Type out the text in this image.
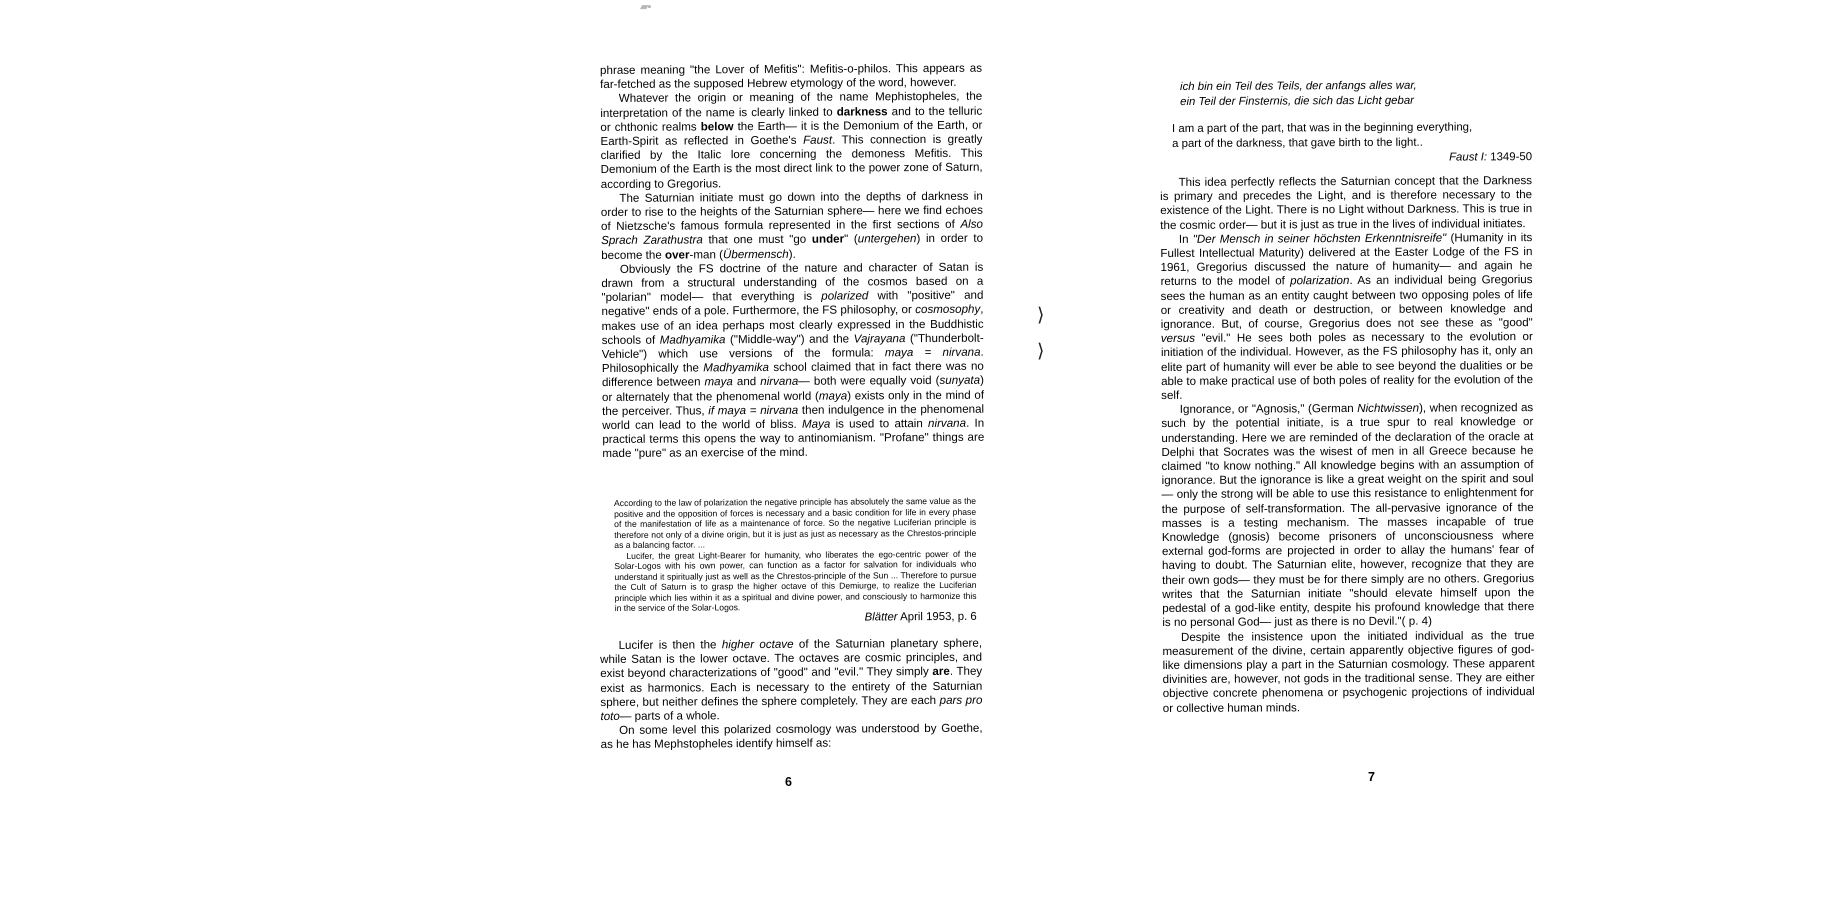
▰▪

phrase meaning "the Lover of Mefitis": Mefitis-o-philos. This appears as far-fetched as the supposed Hebrew etymology of the word, however.

Whatever the origin or meaning of the name Mephistopheles, the interpretation of the name is clearly linked to darkness and to the telluric or chthonic realms below the Earth— it is the Demonium of the Earth, or Earth-Spirit as reflected in Goethe's Faust. This connection is greatly clarified by the Italic lore concerning the demoness Mefitis. This Demonium of the Earth is the most direct link to the power zone of Saturn, according to Gregorius.

The Saturnian initiate must go down into the depths of darkness in order to rise to the heights of the Saturnian sphere— here we find echoes of Nietzsche's famous formula represented in the first sections of Also Sprach Zarathustra that one must "go under" (untergehen) in order to become the over-man (Übermensch).

Obviously the FS doctrine of the nature and character of Satan is drawn from a structural understanding of the cosmos based on a "polarian" model— that everything is polarized with "positive" and negative" ends of a pole. Furthermore, the FS philosophy, or cosmosophy, makes use of an idea perhaps most clearly expressed in the Buddhistic schools of Madhyamika ("Middle-way") and the Vajrayana ("Thunderbolt-Vehicle") which use versions of the formula: maya = nirvana. Philosophically the Madhyamika school claimed that in fact there was no difference between maya and nirvana— both were equally void (sunyata) or alternately that the phenomenal world (maya) exists only in the mind of the perceiver. Thus, if maya = nirvana then indulgence in the phenomenal world can lead to the world of bliss. Maya is used to attain nirvana. In practical terms this opens the way to antinomianism. "Profane" things are made "pure" as an exercise of the mind.

According to the law of polarization the negative principle has absolutely the same value as the positive and the opposition of forces is necessary and a basic condition for life in every phase of the manifestation of life as a maintenance of force. So the negative Luciferian principle is therefore not only of a divine origin, but it is just as just as necessary as the Chrestos-principle as a balancing factor. ...

Lucifer, the great Light-Bearer for humanity, who liberates the ego-centric power of the Solar-Logos with his own power, can function as a factor for salvation for individuals who understand it spiritually just as well as the Chrestos-principle of the Sun ... Therefore to pursue the Cult of Saturn is to grasp the higher octave of this Demiurge, to realize the Luciferian principle which lies within it as a spiritual and divine power, and consciously to harmonize this in the service of the Solar-Logos.

Blätter April 1953, p. 6

Lucifer is then the higher octave of the Saturnian planetary sphere, while Satan is the lower octave. The octaves are cosmic principles, and exist beyond characterizations of "good" and "evil." They simply are. They exist as harmonics. Each is necessary to the entirety of the Saturnian sphere, but neither defines the sphere completely. They are each pars pro toto— parts of a whole.

On some level this polarized cosmology was understood by Goethe, as he has Mephstopheles identify himself as:

6
⟩
⟩
ich bin ein Teil des Teils, der anfangs alles war,
ein Teil der Finsternis, die sich das Licht gebar
I am a part of the part, that was in the beginning everything,
a part of the darkness, that gave birth to the light..
Faust I: 1349-50

This idea perfectly reflects the Saturnian concept that the Darkness is primary and precedes the Light, and is therefore necessary to the existence of the Light. There is no Light without Darkness. This is true in the cosmic order— but it is just as true in the lives of individual initiates.

In "Der Mensch in seiner höchsten Erkenntnisreife" (Humanity in its Fullest Intellectual Maturity) delivered at the Easter Lodge of the FS in 1961, Gregorius discussed the nature of humanity— and again he returns to the model of polarization. As an individual being Gregorius sees the human as an entity caught between two opposing poles of life or creativity and death or destruction, or between knowledge and ignorance. But, of course, Gregorius does not see these as "good" versus "evil." He sees both poles as necessary to the evolution or initiation of the individual. However, as the FS philosophy has it, only an elite part of humanity will ever be able to see beyond the dualities or be able to make practical use of both poles of reality for the evolution of the self.

Ignorance, or "Agnosis," (German Nichtwissen), when recognized as such by the potential initiate, is a true spur to real knowledge or understanding. Here we are reminded of the declaration of the oracle at Delphi that Socrates was the wisest of men in all Greece because he claimed "to know nothing." All knowledge begins with an assumption of ignorance. But the ignorance is like a great weight on the spirit and soul— only the strong will be able to use this resistance to enlightenment for the purpose of self-transformation. The all-pervasive ignorance of the masses is a testing mechanism. The masses incapable of true Knowledge (gnosis) become prisoners of unconsciousness where external god-forms are projected in order to allay the humans' fear of having to doubt. The Saturnian elite, however, recognize that they are their own gods— they must be for there simply are no others. Gregorius writes that the Saturnian initiate "should elevate himself upon the pedestal of a god-like entity, despite his profound knowledge that there is no personal God— just as there is no Devil."( p. 4)

Despite the insistence upon the initiated individual as the true measurement of the divine, certain apparently objective figures of god-like dimensions play a part in the Saturnian cosmology. These apparent divinities are, however, not gods in the traditional sense. They are either objective concrete phenomena or psychogenic projections of individual or collective human minds.

7
